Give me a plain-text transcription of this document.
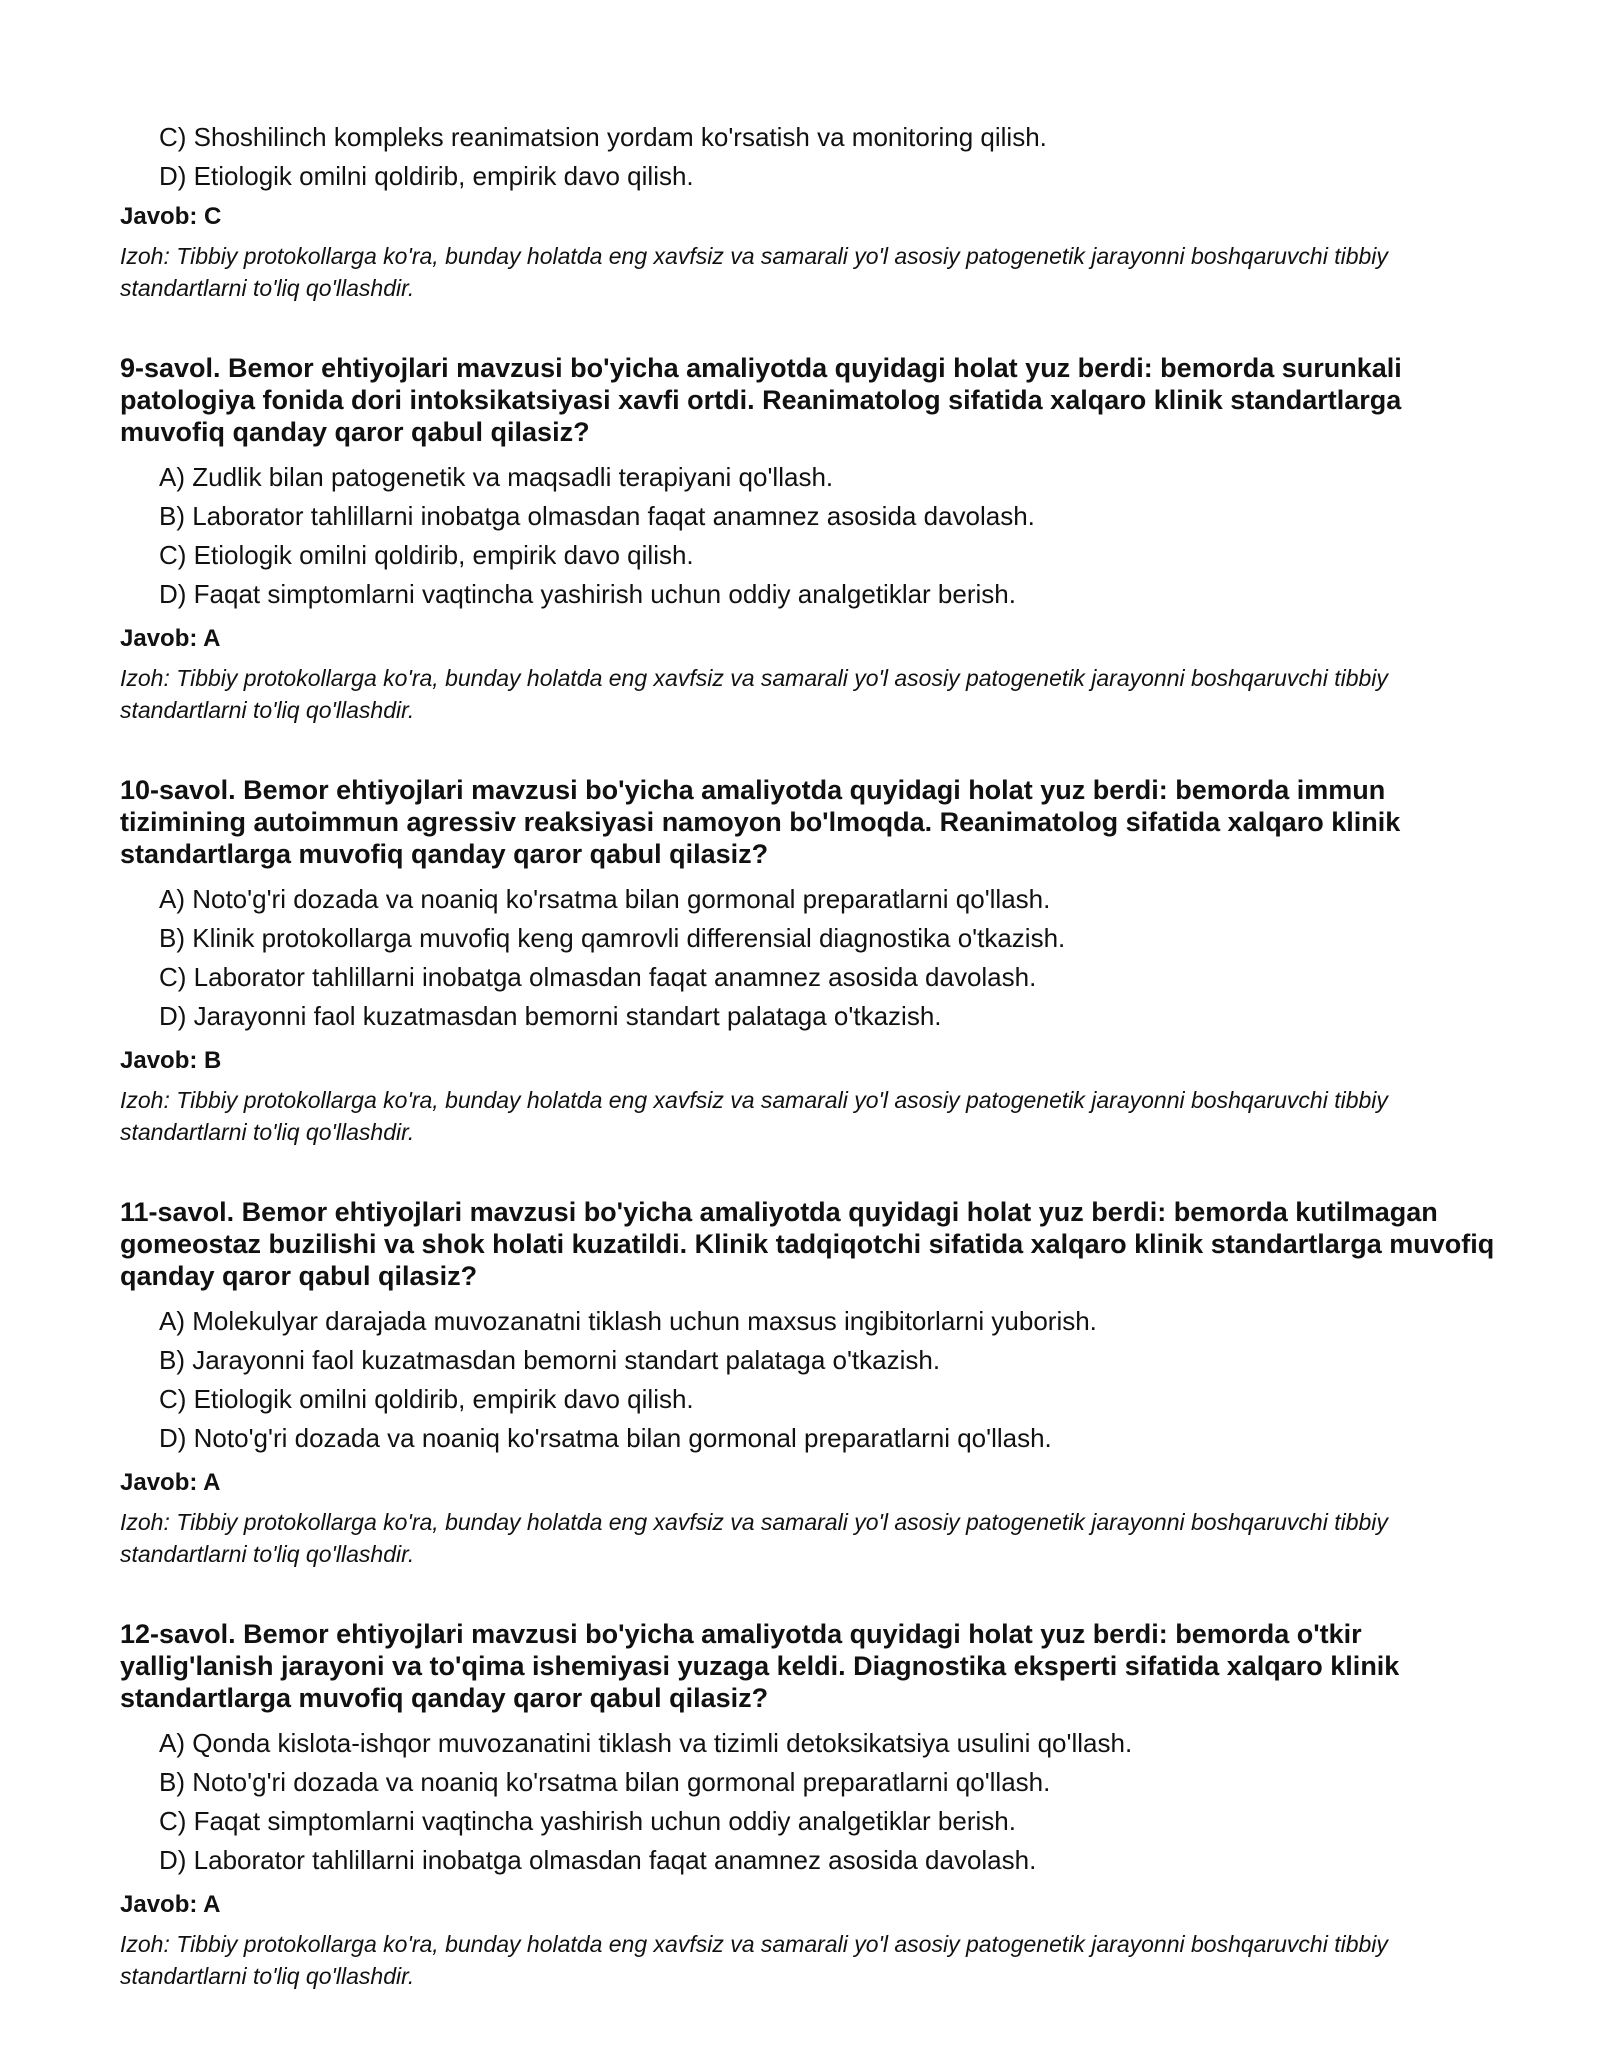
C) Shoshilinch kompleks reanimatsion yordam ko'rsatish va monitoring qilish.
D) Etiologik omilni qoldirib, empirik davo qilish.
Javob: C
Izoh: Tibbiy protokollarga ko'ra, bunday holatda eng xavfsiz va samarali yo'l asosiy patogenetik jarayonni boshqaruvchi tibbiy standartlarni to'liq qo'llashdir.
9-savol. Bemor ehtiyojlari mavzusi bo'yicha amaliyotda quyidagi holat yuz berdi: bemorda surunkali patologiya fonida dori intoksikatsiyasi xavfi ortdi. Reanimatolog sifatida xalqaro klinik standartlarga muvofiq qanday qaror qabul qilasiz?
A) Zudlik bilan patogenetik va maqsadli terapiyani qo'llash.
B) Laborator tahlillarni inobatga olmasdan faqat anamnez asosida davolash.
C) Etiologik omilni qoldirib, empirik davo qilish.
D) Faqat simptomlarni vaqtincha yashirish uchun oddiy analgetiklar berish.
Javob: A
Izoh: Tibbiy protokollarga ko'ra, bunday holatda eng xavfsiz va samarali yo'l asosiy patogenetik jarayonni boshqaruvchi tibbiy standartlarni to'liq qo'llashdir.
10-savol. Bemor ehtiyojlari mavzusi bo'yicha amaliyotda quyidagi holat yuz berdi: bemorda immun tizimining autoimmun agressiv reaksiyasi namoyon bo'lmoqda. Reanimatolog sifatida xalqaro klinik standartlarga muvofiq qanday qaror qabul qilasiz?
A) Noto'g'ri dozada va noaniq ko'rsatma bilan gormonal preparatlarni qo'llash.
B) Klinik protokollarga muvofiq keng qamrovli differensial diagnostika o'tkazish.
C) Laborator tahlillarni inobatga olmasdan faqat anamnez asosida davolash.
D) Jarayonni faol kuzatmasdan bemorni standart palataga o'tkazish.
Javob: B
Izoh: Tibbiy protokollarga ko'ra, bunday holatda eng xavfsiz va samarali yo'l asosiy patogenetik jarayonni boshqaruvchi tibbiy standartlarni to'liq qo'llashdir.
11-savol. Bemor ehtiyojlari mavzusi bo'yicha amaliyotda quyidagi holat yuz berdi: bemorda kutilmagan gomeostaz buzilishi va shok holati kuzatildi. Klinik tadqiqotchi sifatida xalqaro klinik standartlarga muvofiq qanday qaror qabul qilasiz?
A) Molekulyar darajada muvozanatni tiklash uchun maxsus ingibitorlarni yuborish.
B) Jarayonni faol kuzatmasdan bemorni standart palataga o'tkazish.
C) Etiologik omilni qoldirib, empirik davo qilish.
D) Noto'g'ri dozada va noaniq ko'rsatma bilan gormonal preparatlarni qo'llash.
Javob: A
Izoh: Tibbiy protokollarga ko'ra, bunday holatda eng xavfsiz va samarali yo'l asosiy patogenetik jarayonni boshqaruvchi tibbiy standartlarni to'liq qo'llashdir.
12-savol. Bemor ehtiyojlari mavzusi bo'yicha amaliyotda quyidagi holat yuz berdi: bemorda o'tkir yallig'lanish jarayoni va to'qima ishemiyasi yuzaga keldi. Diagnostika eksperti sifatida xalqaro klinik standartlarga muvofiq qanday qaror qabul qilasiz?
A) Qonda kislota-ishqor muvozanatini tiklash va tizimli detoksikatsiya usulini qo'llash.
B) Noto'g'ri dozada va noaniq ko'rsatma bilan gormonal preparatlarni qo'llash.
C) Faqat simptomlarni vaqtincha yashirish uchun oddiy analgetiklar berish.
D) Laborator tahlillarni inobatga olmasdan faqat anamnez asosida davolash.
Javob: A
Izoh: Tibbiy protokollarga ko'ra, bunday holatda eng xavfsiz va samarali yo'l asosiy patogenetik jarayonni boshqaruvchi tibbiy standartlarni to'liq qo'llashdir.
